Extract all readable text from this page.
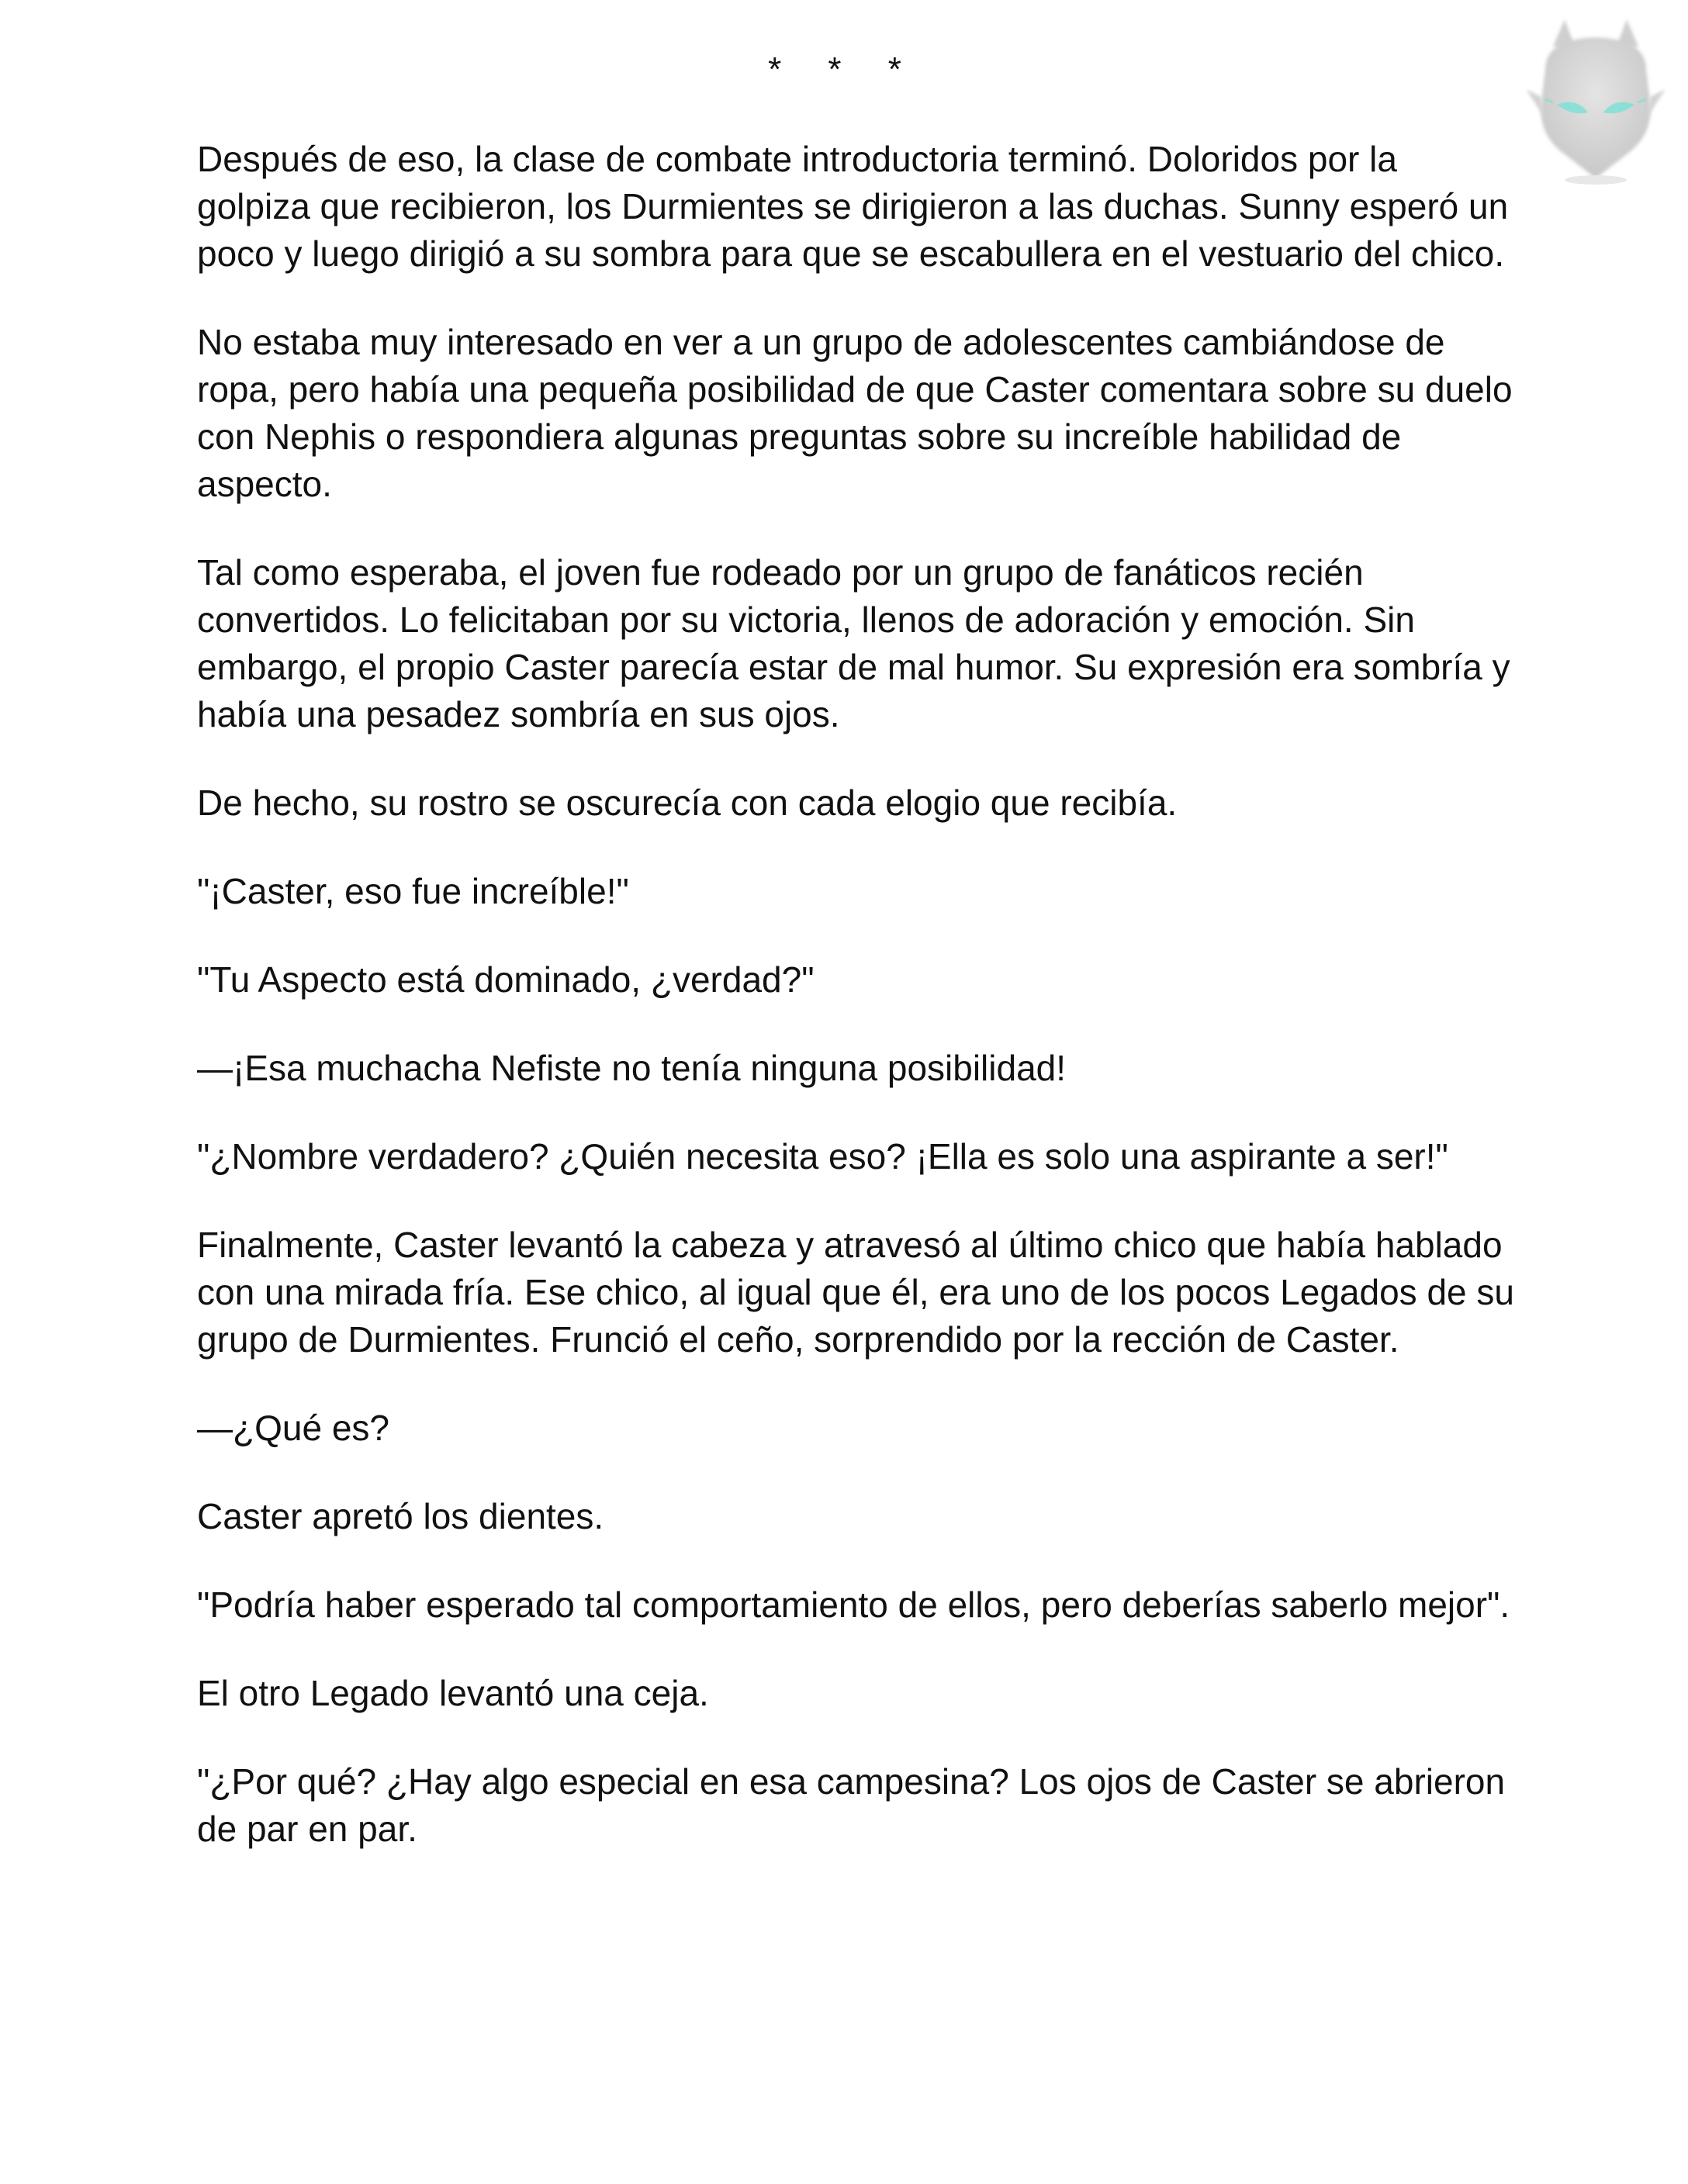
* * *

Después de eso, la clase de combate introductoria terminó. Doloridos por la golpiza que recibieron, los Durmientes se dirigieron a las duchas. Sunny esperó un poco y luego dirigió a su sombra para que se escabullera en el vestuario del chico.

No estaba muy interesado en ver a un grupo de adolescentes cambiándose de ropa, pero había una pequeña posibilidad de que Caster comentara sobre su duelo con Nephis o respondiera algunas preguntas sobre su increíble habilidad de aspecto.

Tal como esperaba, el joven fue rodeado por un grupo de fanáticos recién convertidos. Lo felicitaban por su victoria, llenos de adoración y emoción. Sin embargo, el propio Caster parecía estar de mal humor. Su expresión era sombría y había una pesadez sombría en sus ojos.

De hecho, su rostro se oscurecía con cada elogio que recibía.

"¡Caster, eso fue increíble!"

"Tu Aspecto está dominado, ¿verdad?"

—¡Esa muchacha Nefiste no tenía ninguna posibilidad!

"¿Nombre verdadero? ¿Quién necesita eso? ¡Ella es solo una aspirante a ser!"

Finalmente, Caster levantó la cabeza y atravesó al último chico que había hablado con una mirada fría. Ese chico, al igual que él, era uno de los pocos Legados de su grupo de Durmientes. Frunció el ceño, sorprendido por la rección de Caster.

—¿Qué es?

Caster apretó los dientes.

"Podría haber esperado tal comportamiento de ellos, pero deberías saberlo mejor".

El otro Legado levantó una ceja.

"¿Por qué? ¿Hay algo especial en esa campesina? Los ojos de Caster se abrieron de par en par.
